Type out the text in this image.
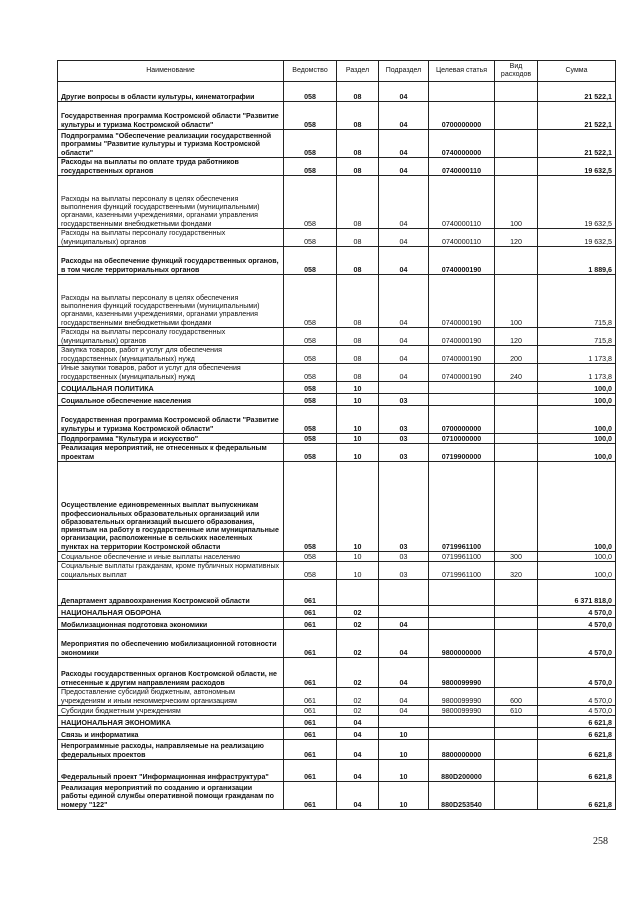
Наименование	Ведомство	Раздел	Подраздел	Целевая статья	Вид расходов	Сумма
Другие вопросы в области культуры, кинематографии	058	08	04			21 522,1
Государственная программа Костромской области "Развитие культуры и туризма Костромской области"	058	08	04	0700000000		21 522,1
Подпрограмма "Обеспечение реализации государственной программы "Развитие культуры и туризма Костромской области"	058	08	04	0740000000		21 522,1
Расходы на выплаты по оплате труда работников государственных органов	058	08	04	0740000110		19 632,5
Расходы на выплаты персоналу в целях обеспечения выполнения функций государственными (муниципальными) органами, казенными учреждениями, органами управления государственными внебюджетными фондами	058	08	04	0740000110	100	19 632,5
Расходы на выплаты персоналу государственных (муниципальных) органов	058	08	04	0740000110	120	19 632,5
Расходы на обеспечение функций государственных органов, в том числе территориальных органов	058	08	04	0740000190		1 889,6
Расходы на выплаты персоналу в целях обеспечения выполнения функций государственными (муниципальными) органами, казенными учреждениями, органами управления государственными внебюджетными фондами	058	08	04	0740000190	100	715,8
Расходы на выплаты персоналу государственных (муниципальных) органов	058	08	04	0740000190	120	715,8
Закупка товаров, работ и услуг для обеспечения государственных (муниципальных) нужд	058	08	04	0740000190	200	1 173,8
Иные закупки товаров, работ и услуг для обеспечения государственных (муниципальных) нужд	058	08	04	0740000190	240	1 173,8
СОЦИАЛЬНАЯ ПОЛИТИКА	058	10				100,0
Социальное обеспечение населения	058	10	03			100,0
Государственная программа Костромской области "Развитие культуры и туризма Костромской области"	058	10	03	0700000000		100,0
Подпрограмма "Культура и искусство"	058	10	03	0710000000		100,0
Реализация мероприятий, не отнесенных к федеральным проектам	058	10	03	0719900000		100,0
Осуществление единовременных выплат выпускникам профессиональных образовательных организаций или образовательных организаций высшего образования, принятым на работу в государственные или муниципальные организации, расположенные в сельских населенных пунктах на территории Костромской области	058	10	03	0719961100		100,0
Социальное обеспечение и иные выплаты населению	058	10	03	0719961100	300	100,0
Социальные выплаты гражданам, кроме публичных нормативных социальных выплат	058	10	03	0719961100	320	100,0
Департамент здравоохранения Костромской области	061					6 371 818,0
НАЦИОНАЛЬНАЯ ОБОРОНА	061	02				4 570,0
Мобилизационная подготовка экономики	061	02	04			4 570,0
Мероприятия по обеспечению мобилизационной готовности экономики	061	02	04	9800000000		4 570,0
Расходы государственных органов Костромской области, не отнесенные к другим направлениям расходов	061	02	04	9800099990		4 570,0
Предоставление субсидий бюджетным, автономным учреждениям и иным некоммерческим организациям	061	02	04	9800099990	600	4 570,0
Субсидии бюджетным учреждениям	061	02	04	9800099990	610	4 570,0
НАЦИОНАЛЬНАЯ ЭКОНОМИКА	061	04				6 621,8
Связь и информатика	061	04	10			6 621,8
Непрограммные расходы, направляемые на реализацию федеральных проектов	061	04	10	8800000000		6 621,8
Федеральный проект "Информационная инфраструктура"	061	04	10	880D200000		6 621,8
Реализация мероприятий по созданию и организации работы единой службы оперативной помощи гражданам по номеру "122"	061	04	10	880D253540		6 621,8
258
